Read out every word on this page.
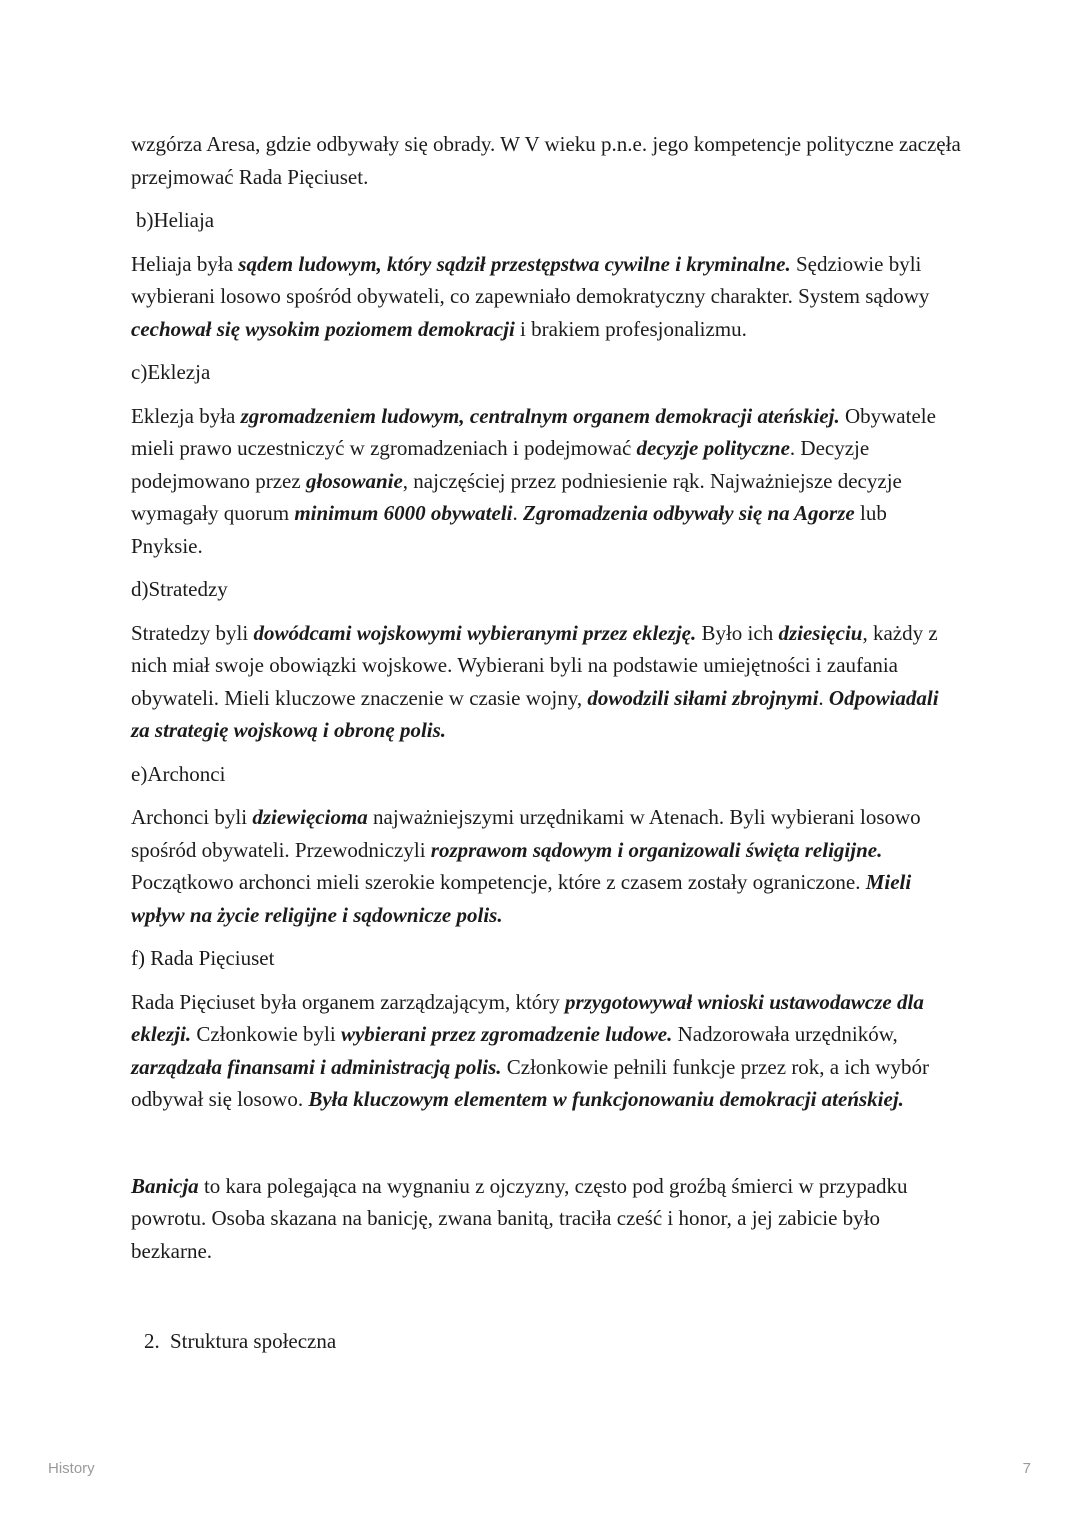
wzgórza Aresa, gdzie odbywały się obrady. W V wieku p.n.e. jego kompetencje polityczne zaczęła przejmować Rada Pięciuset.

b)Heliaja

Heliaja była sądem ludowym, który sądził przestępstwa cywilne i kryminalne. Sędziowie byli wybierani losowo spośród obywateli, co zapewniało demokratyczny charakter. System sądowy cechował się wysokim poziomem demokracji i brakiem profesjonalizmu.

c)Eklezja

Eklezja była zgromadzeniem ludowym, centralnym organem demokracji ateńskiej. Obywatele mieli prawo uczestniczyć w zgromadzeniach i podejmować decyzje polityczne. Decyzje podejmowano przez głosowanie, najczęściej przez podniesienie rąk. Najważniejsze decyzje wymagały quorum minimum 6000 obywateli. Zgromadzenia odbywały się na Agorze lub Pnyksie.

d)Stratedzy

Stratedzy byli dowódcami wojskowymi wybieranymi przez eklezję. Było ich dziesięciu, każdy z nich miał swoje obowiązki wojskowe. Wybierani byli na podstawie umiejętności i zaufania obywateli. Mieli kluczowe znaczenie w czasie wojny, dowodzili siłami zbrojnymi. Odpowiadali za strategię wojskową i obronę polis.

e)Archonci

Archonci byli dziewięcioma najważniejszymi urzędnikami w Atenach. Byli wybierani losowo spośród obywateli. Przewodniczyli rozprawom sądowym i organizowali święta religijne. Początkowo archonci mieli szerokie kompetencje, które z czasem zostały ograniczone. Mieli wpływ na życie religijne i sądownicze polis.

f) Rada Pięciuset

Rada Pięciuset była organem zarządzającym, który przygotowywał wnioski ustawodawcze dla eklezji. Członkowie byli wybierani przez zgromadzenie ludowe. Nadzorowała urzędników, zarządzała finansami i administracją polis. Członkowie pełnili funkcje przez rok, a ich wybór odbywał się losowo. Była kluczowym elementem w funkcjonowaniu demokracji ateńskiej.

Banicja to kara polegająca na wygnaniu z ojczyzny, często pod groźbą śmierci w przypadku powrotu. Osoba skazana na banicję, zwana banitą, traciła cześć i honor, a jej zabicie było bezkarne.

2. Struktura społeczna

History	7
